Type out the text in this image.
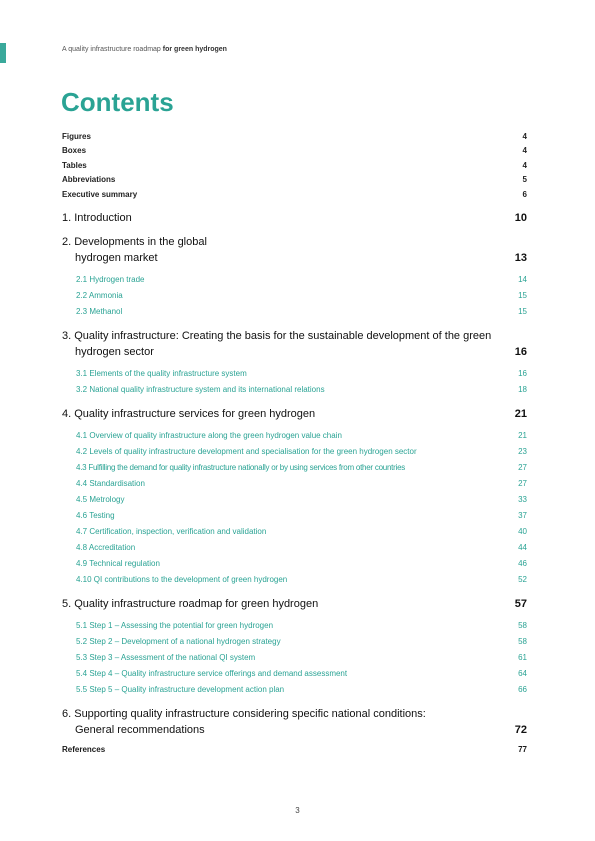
A quality infrastructure roadmap for green hydrogen
Contents
Figures	4
Boxes	4
Tables	4
Abbreviations	5
Executive summary	6
1. Introduction	10
2. Developments in the global hydrogen market	13
2.1 Hydrogen trade	14
2.2 Ammonia	15
2.3 Methanol	15
3. Quality infrastructure: Creating the basis for the sustainable development of the green hydrogen sector	16
3.1 Elements of the quality infrastructure system	16
3.2 National quality infrastructure system and its international relations	18
4. Quality infrastructure services for green hydrogen	21
4.1 Overview of quality infrastructure along the green hydrogen value chain	21
4.2 Levels of quality infrastructure development and specialisation for the green hydrogen sector	23
4.3 Fulfilling the demand for quality infrastructure nationally or by using services from other countries	27
4.4 Standardisation	27
4.5 Metrology	33
4.6 Testing	37
4.7 Certification, inspection, verification and validation	40
4.8 Accreditation	44
4.9 Technical regulation	46
4.10 QI contributions to the development of green hydrogen	52
5. Quality infrastructure roadmap for green hydrogen	57
5.1 Step 1 – Assessing the potential for green hydrogen	58
5.2 Step 2 – Development of a national hydrogen strategy	58
5.3 Step 3 – Assessment of the national QI system	61
5.4 Step 4 – Quality infrastructure service offerings and demand assessment	64
5.5 Step 5 – Quality infrastructure development action plan	66
6. Supporting quality infrastructure considering specific national conditions: General recommendations	72
References	77
3
